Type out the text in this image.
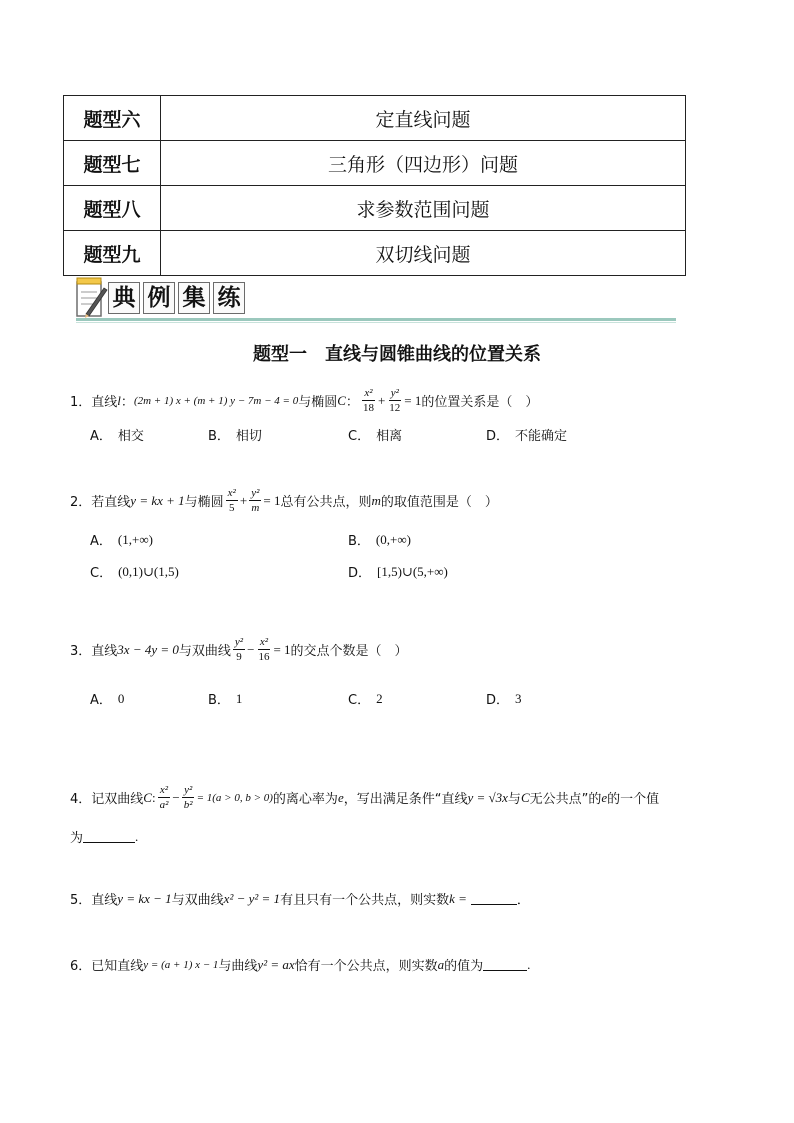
题型六	定直线问题
题型七	三角形（四边形）问题
题型八	求参数范围问题
题型九	双切线问题
典 例 集 练
题型一　直线与圆锥曲线的位置关系
1． 直线 l ： (2m + 1) x + (m + 1) y − 7m − 4 = 0 与椭圆 C ： $\frac{\text{x²}}{18} + \frac{\text{y²}}{12} = 1$ 的位置关系是（　）
A． 相交	B． 相切	C． 相离	D． 不能确定
2． 若直线 y = kx + 1 与椭圆 $\frac{\text{x²}}{5} + \frac{\text{y²}}{m} = 1$ 总有公共点，则 m 的取值范围是（　）
A． (1,+∞)	B． (0,+∞)
C． (0,1)∪(1,5)	D． [1,5)∪(5,+∞)
3． 直线 3x − 4y = 0 与双曲线 $\frac{\text{y²}}{9} - \frac{\text{x²}}{16} = 1$ 的交点个数是（　）
A． 0	B． 1	C． 2	D． 3
4． 记双曲线 C : $\frac{\text{x²}}{\text{a²}} - \frac{\text{y²}}{\text{b²}} = 1(a > 0$, b > 0) 的离心率为 e ，写出满足条件“直线 y = √3x 与 C 无公共点”的 e 的一个值
为	.
5． 直线 y = kx − 1 与双曲线 x² − y² = 1 有且只有一个公共点，则实数 k =	．
6． 已知直线 y = (a + 1) x − 1 与曲线 y² = ax 恰有一个公共点，则实数 a 的值为	.
